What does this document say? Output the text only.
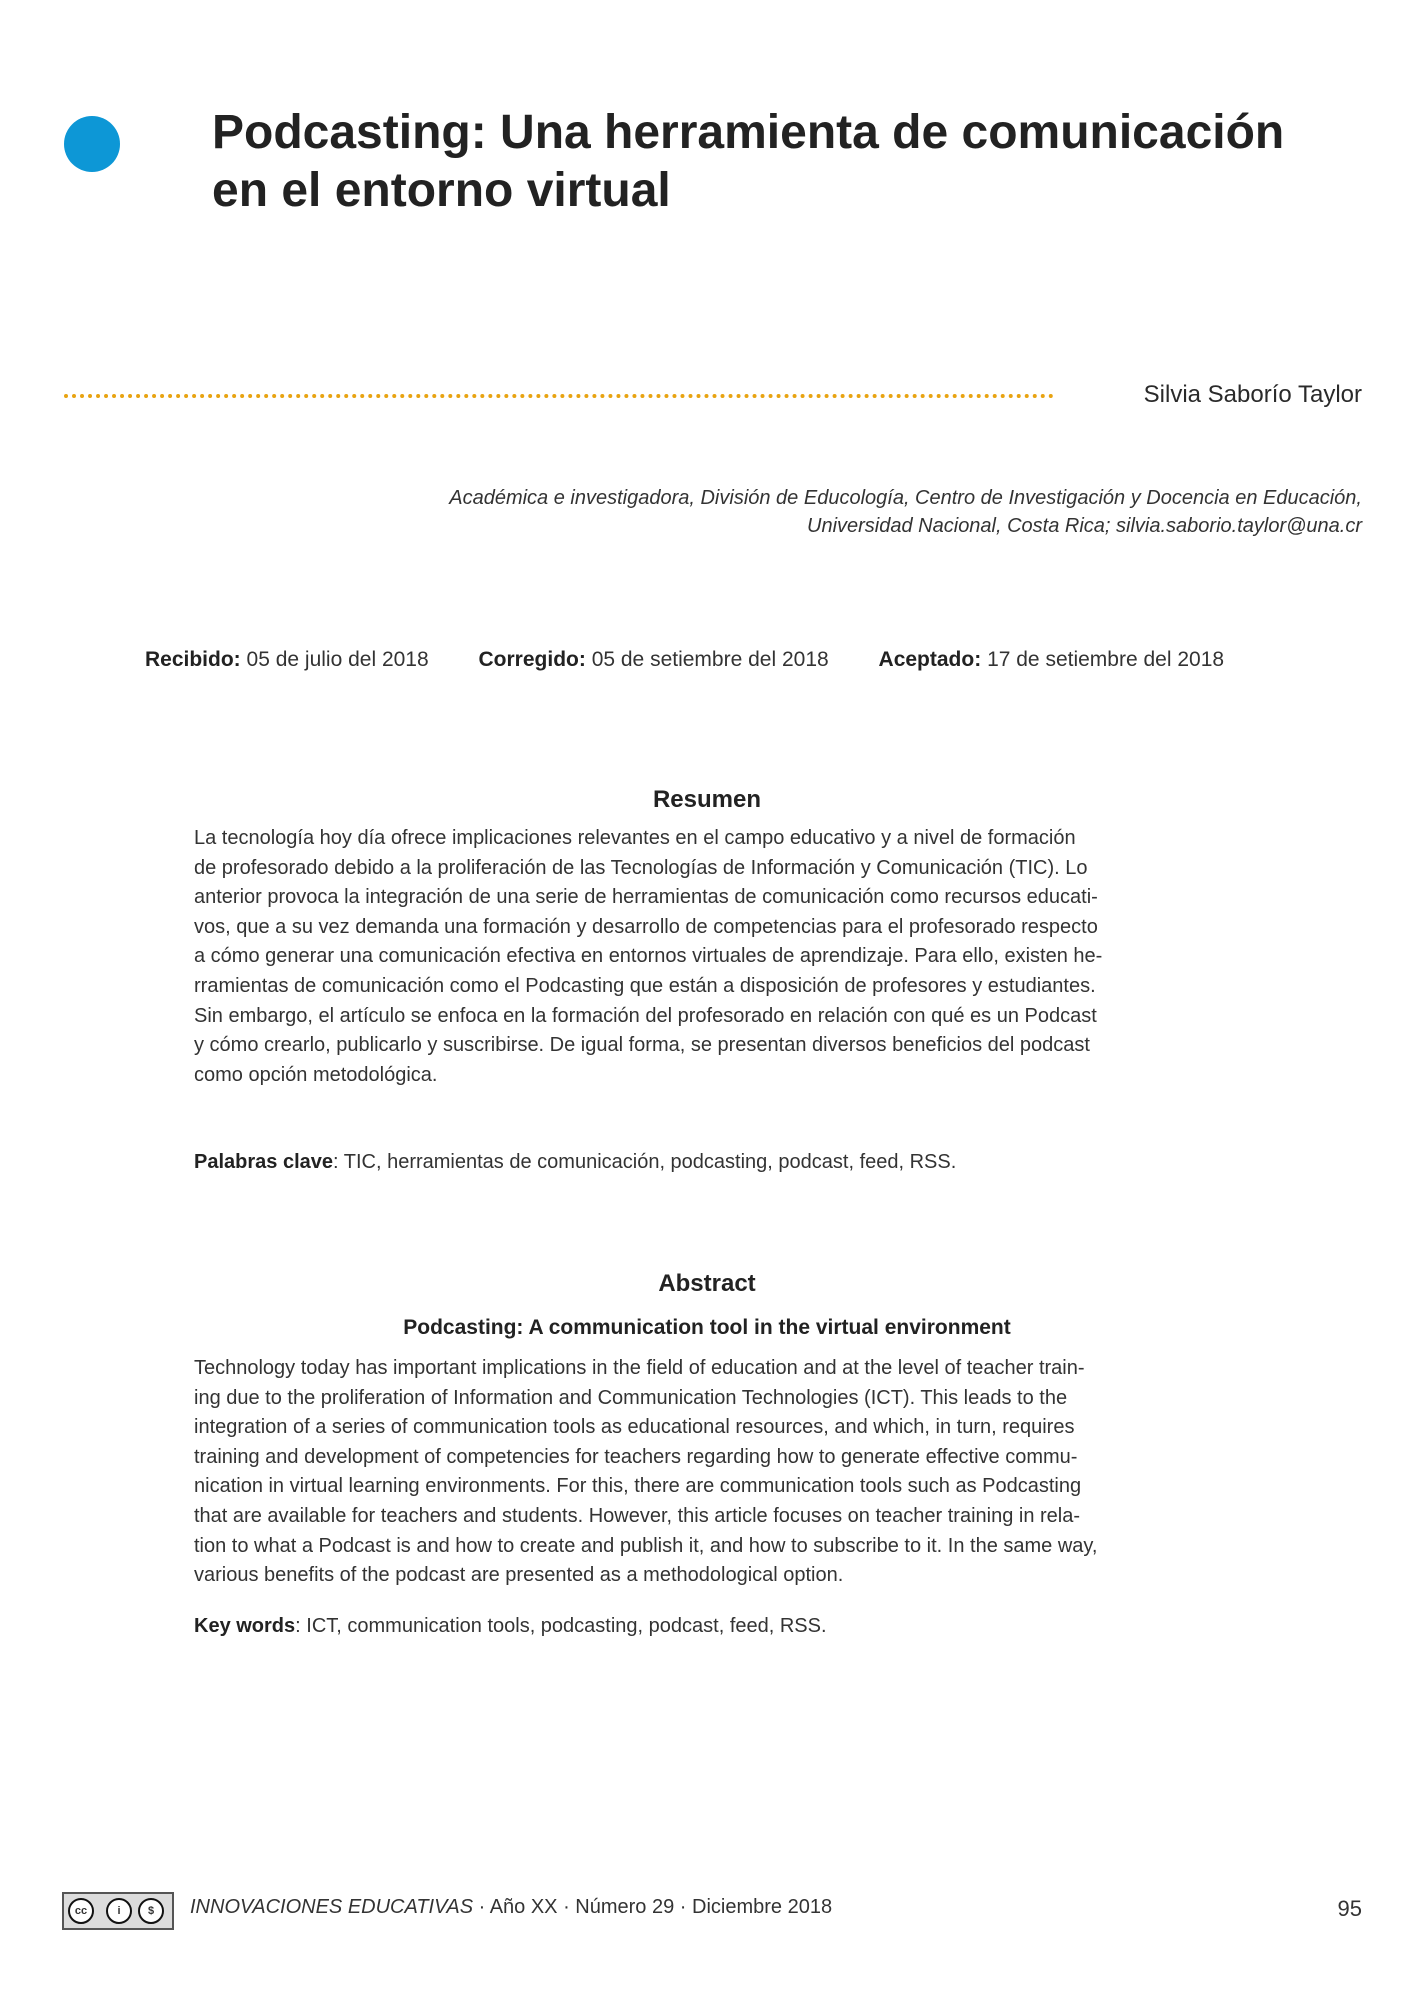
Podcasting: Una herramienta de comunicación
en el entorno virtual
Silvia Saborío Taylor
Académica e investigadora, División de Educología, Centro de Investigación y Docencia en Educación,
Universidad Nacional, Costa Rica; silvia.saborio.taylor@una.cr
Recibido: 05 de julio del 2018 Corregido: 05 de setiembre del 2018 Aceptado: 17 de setiembre del 2018
Resumen
La tecnología hoy día ofrece implicaciones relevantes en el campo educativo y a nivel de formación
de profesorado debido a la proliferación de las Tecnologías de Información y Comunicación (TIC). Lo
anterior provoca la integración de una serie de herramientas de comunicación como recursos educati-
vos, que a su vez demanda una formación y desarrollo de competencias para el profesorado respecto
a cómo generar una comunicación efectiva en entornos virtuales de aprendizaje. Para ello, existen he-
rramientas de comunicación como el Podcasting que están a disposición de profesores y estudiantes.
Sin embargo, el artículo se enfoca en la formación del profesorado en relación con qué es un Podcast
y cómo crearlo, publicarlo y suscribirse. De igual forma, se presentan diversos beneficios del podcast
como opción metodológica.
Palabras clave: TIC, herramientas de comunicación, podcasting, podcast, feed, RSS.
Abstract
Podcasting: A communication tool in the virtual environment
Technology today has important implications in the field of education and at the level of teacher train-
ing due to the proliferation of Information and Communication Technologies (ICT). This leads to the
integration of a series of communication tools as educational resources, and which, in turn, requires
training and development of competencies for teachers regarding how to generate effective commu-
nication in virtual learning environments. For this, there are communication tools such as Podcasting
that are available for teachers and students. However, this article focuses on teacher training in rela-
tion to what a Podcast is and how to create and publish it, and how to subscribe to it. In the same way,
various benefits of the podcast are presented as a methodological option.
Key words: ICT, communication tools, podcasting, podcast, feed, RSS.
cc	i	$	INNOVACIONES EDUCATIVAS · Año XX · Número 29 · Diciembre 2018	95
